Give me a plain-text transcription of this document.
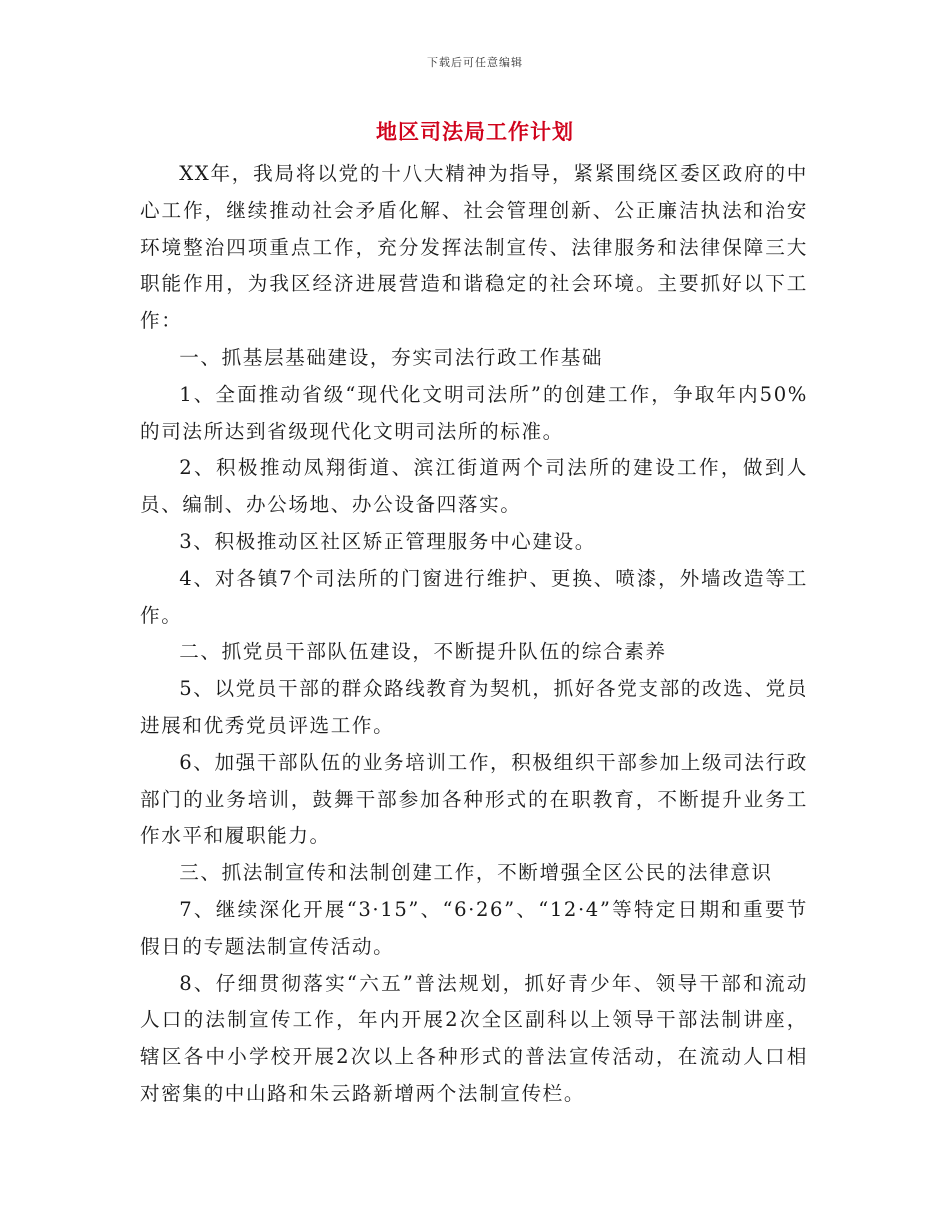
下载后可任意编辑
地区司法局工作计划

XX年，我局将以党的十八大精神为指导，紧紧围绕区委区政府的中心工作，继续推动社会矛盾化解、社会管理创新、公正廉洁执法和治安环境整治四项重点工作，充分发挥法制宣传、法律服务和法律保障三大职能作用，为我区经济进展营造和谐稳定的社会环境。主要抓好以下工作：

一、抓基层基础建设，夯实司法行政工作基础

1、全面推动省级“现代化文明司法所”的创建工作，争取年内50%的司法所达到省级现代化文明司法所的标准。

2、积极推动凤翔街道、滨江街道两个司法所的建设工作，做到人员、编制、办公场地、办公设备四落实。

3、积极推动区社区矫正管理服务中心建设。

4、对各镇7个司法所的门窗进行维护、更换、喷漆，外墙改造等工作。

二、抓党员干部队伍建设，不断提升队伍的综合素养

5、以党员干部的群众路线教育为契机，抓好各党支部的改选、党员进展和优秀党员评选工作。

6、加强干部队伍的业务培训工作，积极组织干部参加上级司法行政部门的业务培训，鼓舞干部参加各种形式的在职教育，不断提升业务工作水平和履职能力。

三、抓法制宣传和法制创建工作，不断增强全区公民的法律意识

7、继续深化开展“3·15”、“6·26”、“12·4”等特定日期和重要节假日的专题法制宣传活动。

8、仔细贯彻落实“六五”普法规划，抓好青少年、领导干部和流动人口的法制宣传工作，年内开展2次全区副科以上领导干部法制讲座，辖区各中小学校开展2次以上各种形式的普法宣传活动，在流动人口相对密集的中山路和朱云路新增两个法制宣传栏。
